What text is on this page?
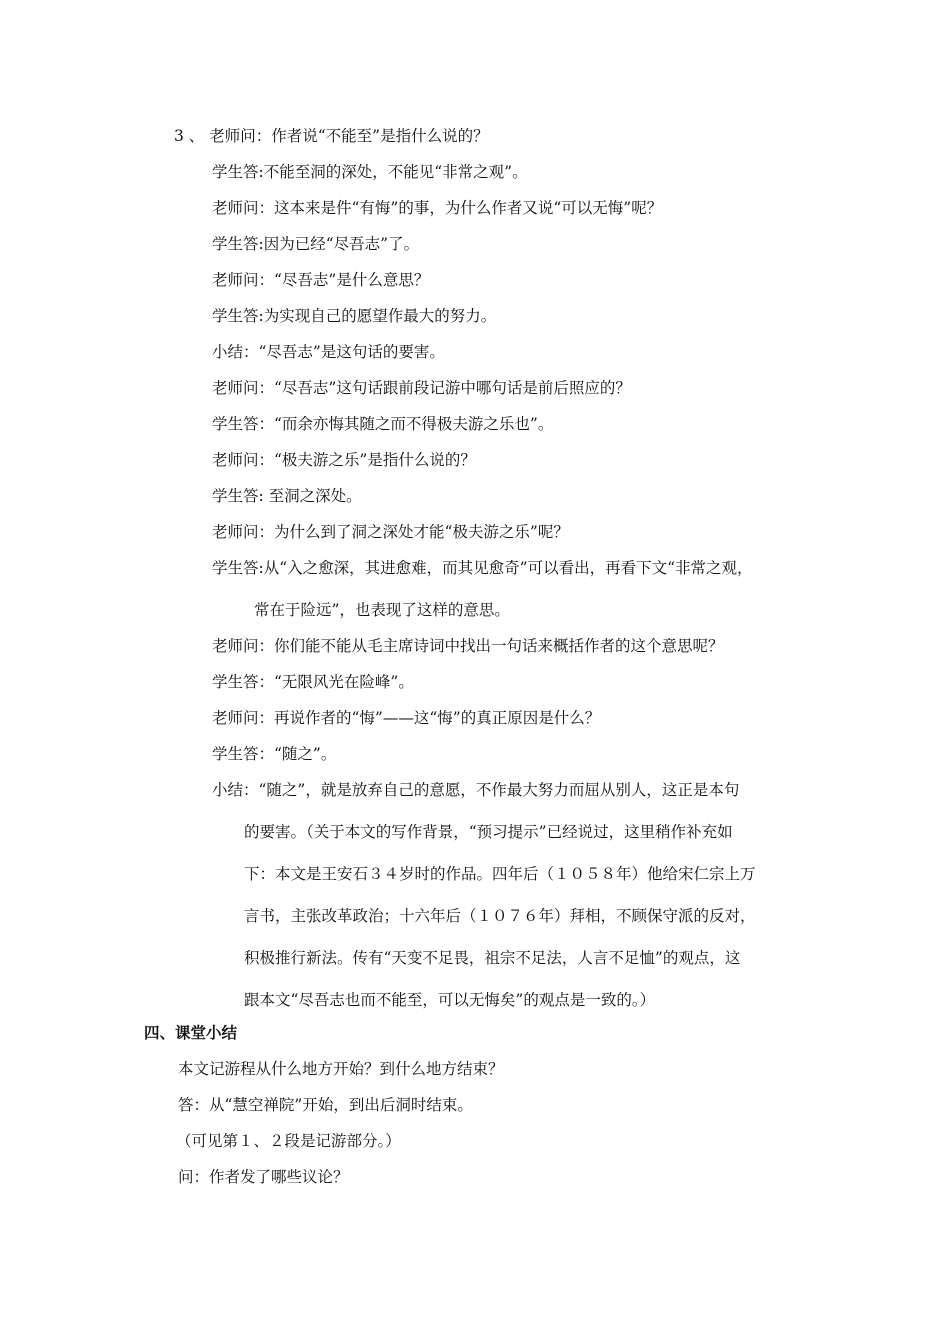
3 、 老师问：作者说“不能至”是指什么说的？
学生答:不能至洞的深处，不能见“非常之观”。
老师问：这本来是件“有悔”的事，为什么作者又说“可以无悔”呢？
学生答:因为已经“尽吾志”了。
老师问：“尽吾志”是什么意思？
学生答:为实现自己的愿望作最大的努力。
小结：“尽吾志”是这句话的要害。
老师问：“尽吾志”这句话跟前段记游中哪句话是前后照应的？
学生答：“而余亦悔其随之而不得极夫游之乐也”。
老师问：“极夫游之乐”是指什么说的？
学生答: 至洞之深处。
老师问：为什么到了洞之深处才能“极夫游之乐”呢？
学生答:从“入之愈深，其进愈难，而其见愈奇”可以看出，再看下文“非常之观，
常在于险远”，也表现了这样的意思。
老师问：你们能不能从毛主席诗词中找出一句话来概括作者的这个意思呢？
学生答：“无限风光在险峰”。
老师问：再说作者的“悔”——这“悔”的真正原因是什么？
学生答：“随之”。
小结：“随之”，就是放弃自己的意愿，不作最大努力而屈从别人，这正是本句
的要害。（关于本文的写作背景，“预习提示”已经说过，这里稍作补充如
下：本文是王安石３４岁时的作品。四年后（１０５８年）他给宋仁宗上万
言书，主张改革政治；十六年后（１０７６年）拜相，不顾保守派的反对，
积极推行新法。传有“天变不足畏，祖宗不足法，人言不足恤”的观点，这
跟本文“尽吾志也而不能至，可以无悔矣”的观点是一致的。）
四、课堂小结
本文记游程从什么地方开始？到什么地方结束？
答：从“慧空禅院”开始，到出后洞时结束。
（可见第１、２段是记游部分。）
问：作者发了哪些议论？
